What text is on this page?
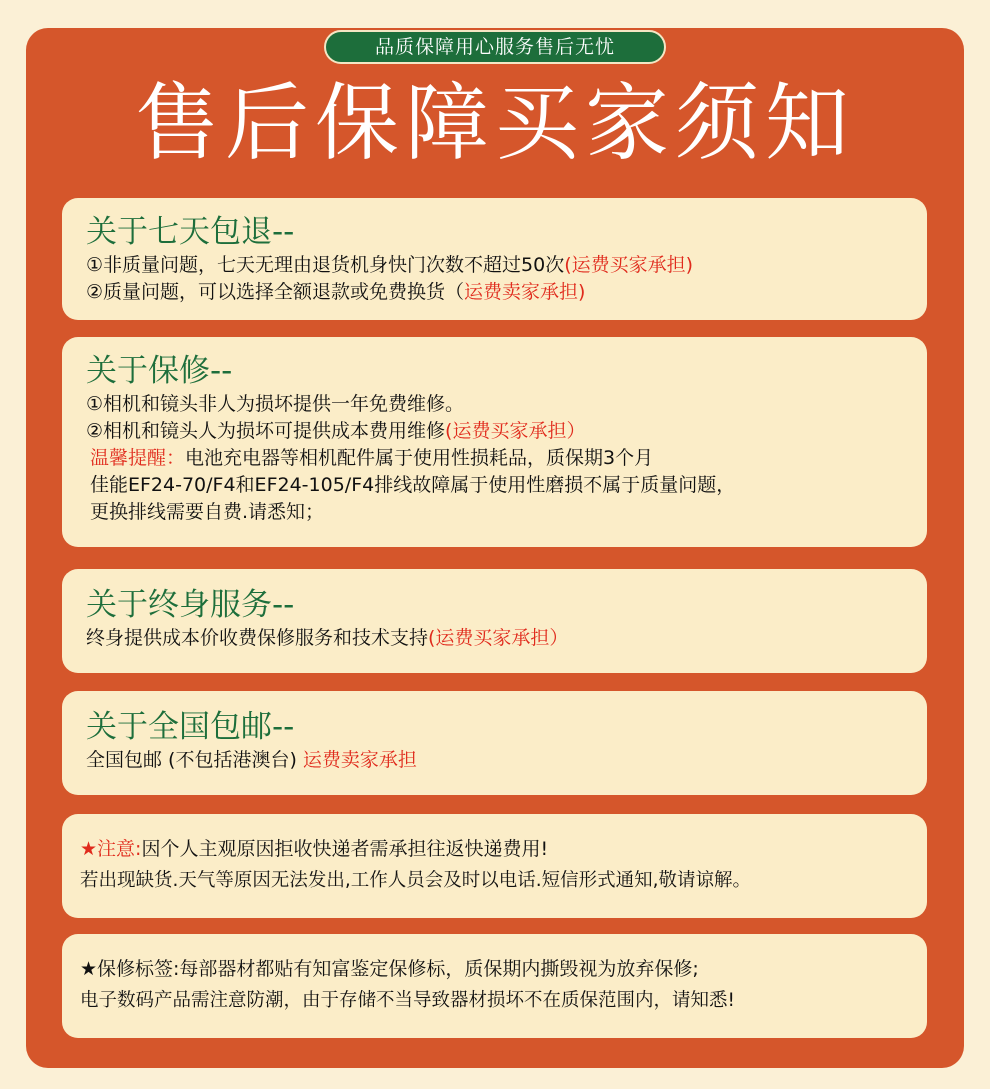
品质保障用心服务售后无忧
售后保障买家须知
关于七天包退--
①非质量问题，七天无理由退货机身快门次数不超过50次(运费买家承担)
②质量问题，可以选择全额退款或免费换货（运费卖家承担)
关于保修--
①相机和镜头非人为损坏提供一年免费维修。
②相机和镜头人为损坏可提供成本费用维修(运费买家承担）
温馨提醒：电池充电器等相机配件属于使用性损耗品，质保期3个月
佳能EF24-70/F4和EF24-105/F4排线故障属于使用性磨损不属于质量问题，
更换排线需要自费.请悉知；
关于终身服务--
终身提供成本价收费保修服务和技术支持(运费买家承担）
关于全国包邮--
全国包邮 (不包括港澳台) 运费卖家承担
★注意:因个人主观原因拒收快递者需承担往返快递费用!
若出现缺货.天气等原因无法发出,工作人员会及时以电话.短信形式通知,敬请谅解。
★保修标签:每部器材都贴有知富鉴定保修标，质保期内撕毁视为放弃保修;
电子数码产品需注意防潮，由于存储不当导致器材损坏不在质保范围内，请知悉!
